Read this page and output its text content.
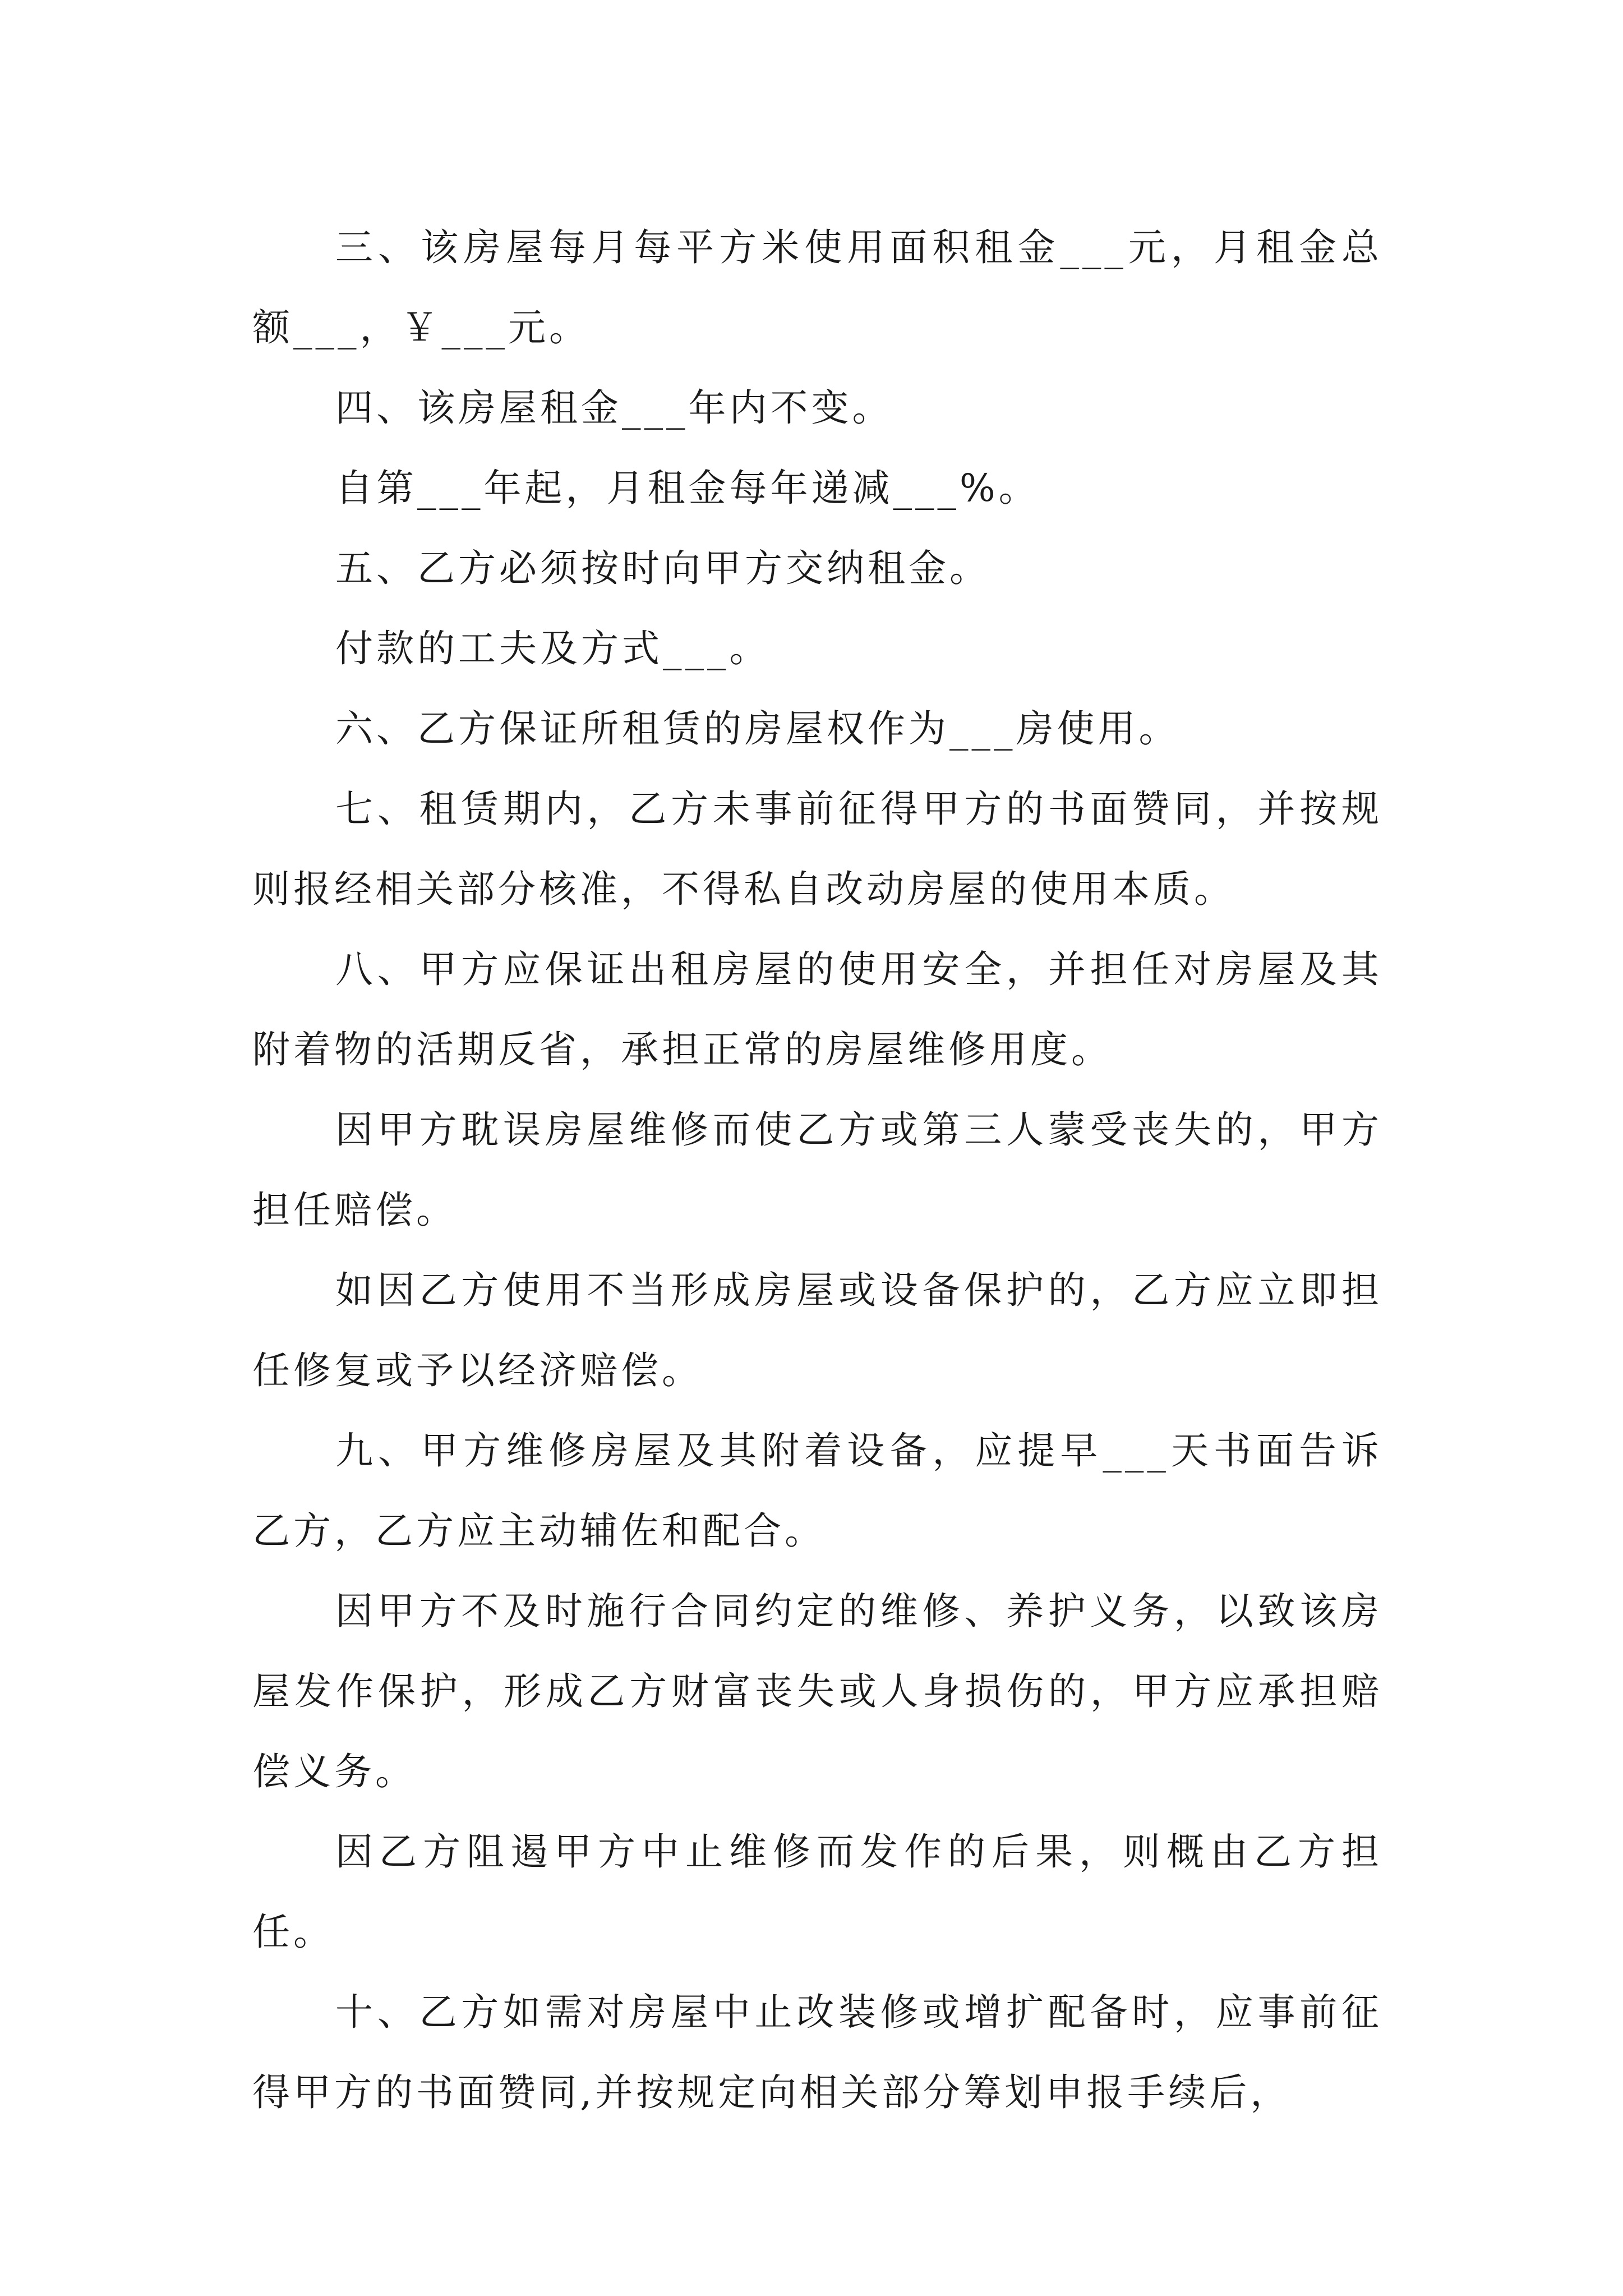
三、该房屋每月每平方米使用面积租金___元，月租金总额___，￥___元。

四、该房屋租金___年内不变。

自第___年起，月租金每年递减___%。

五、乙方必须按时向甲方交纳租金。

付款的工夫及方式___。

六、乙方保证所租赁的房屋权作为___房使用。

七、租赁期内，乙方未事前征得甲方的书面赞同，并按规则报经相关部分核准，不得私自改动房屋的使用本质。

八、甲方应保证出租房屋的使用安全，并担任对房屋及其附着物的活期反省，承担正常的房屋维修用度。

因甲方耽误房屋维修而使乙方或第三人蒙受丧失的，甲方担任赔偿。

如因乙方使用不当形成房屋或设备保护的，乙方应立即担任修复或予以经济赔偿。

九、甲方维修房屋及其附着设备，应提早___天书面告诉乙方，乙方应主动辅佐和配合。

因甲方不及时施行合同约定的维修、养护义务，以致该房屋发作保护，形成乙方财富丧失或人身损伤的，甲方应承担赔偿义务。

因乙方阻遏甲方中止维修而发作的后果，则概由乙方担任。

十、乙方如需对房屋中止改装修或增扩配备时，应事前征得甲方的书面赞同,并按规定向相关部分筹划申报手续后，
